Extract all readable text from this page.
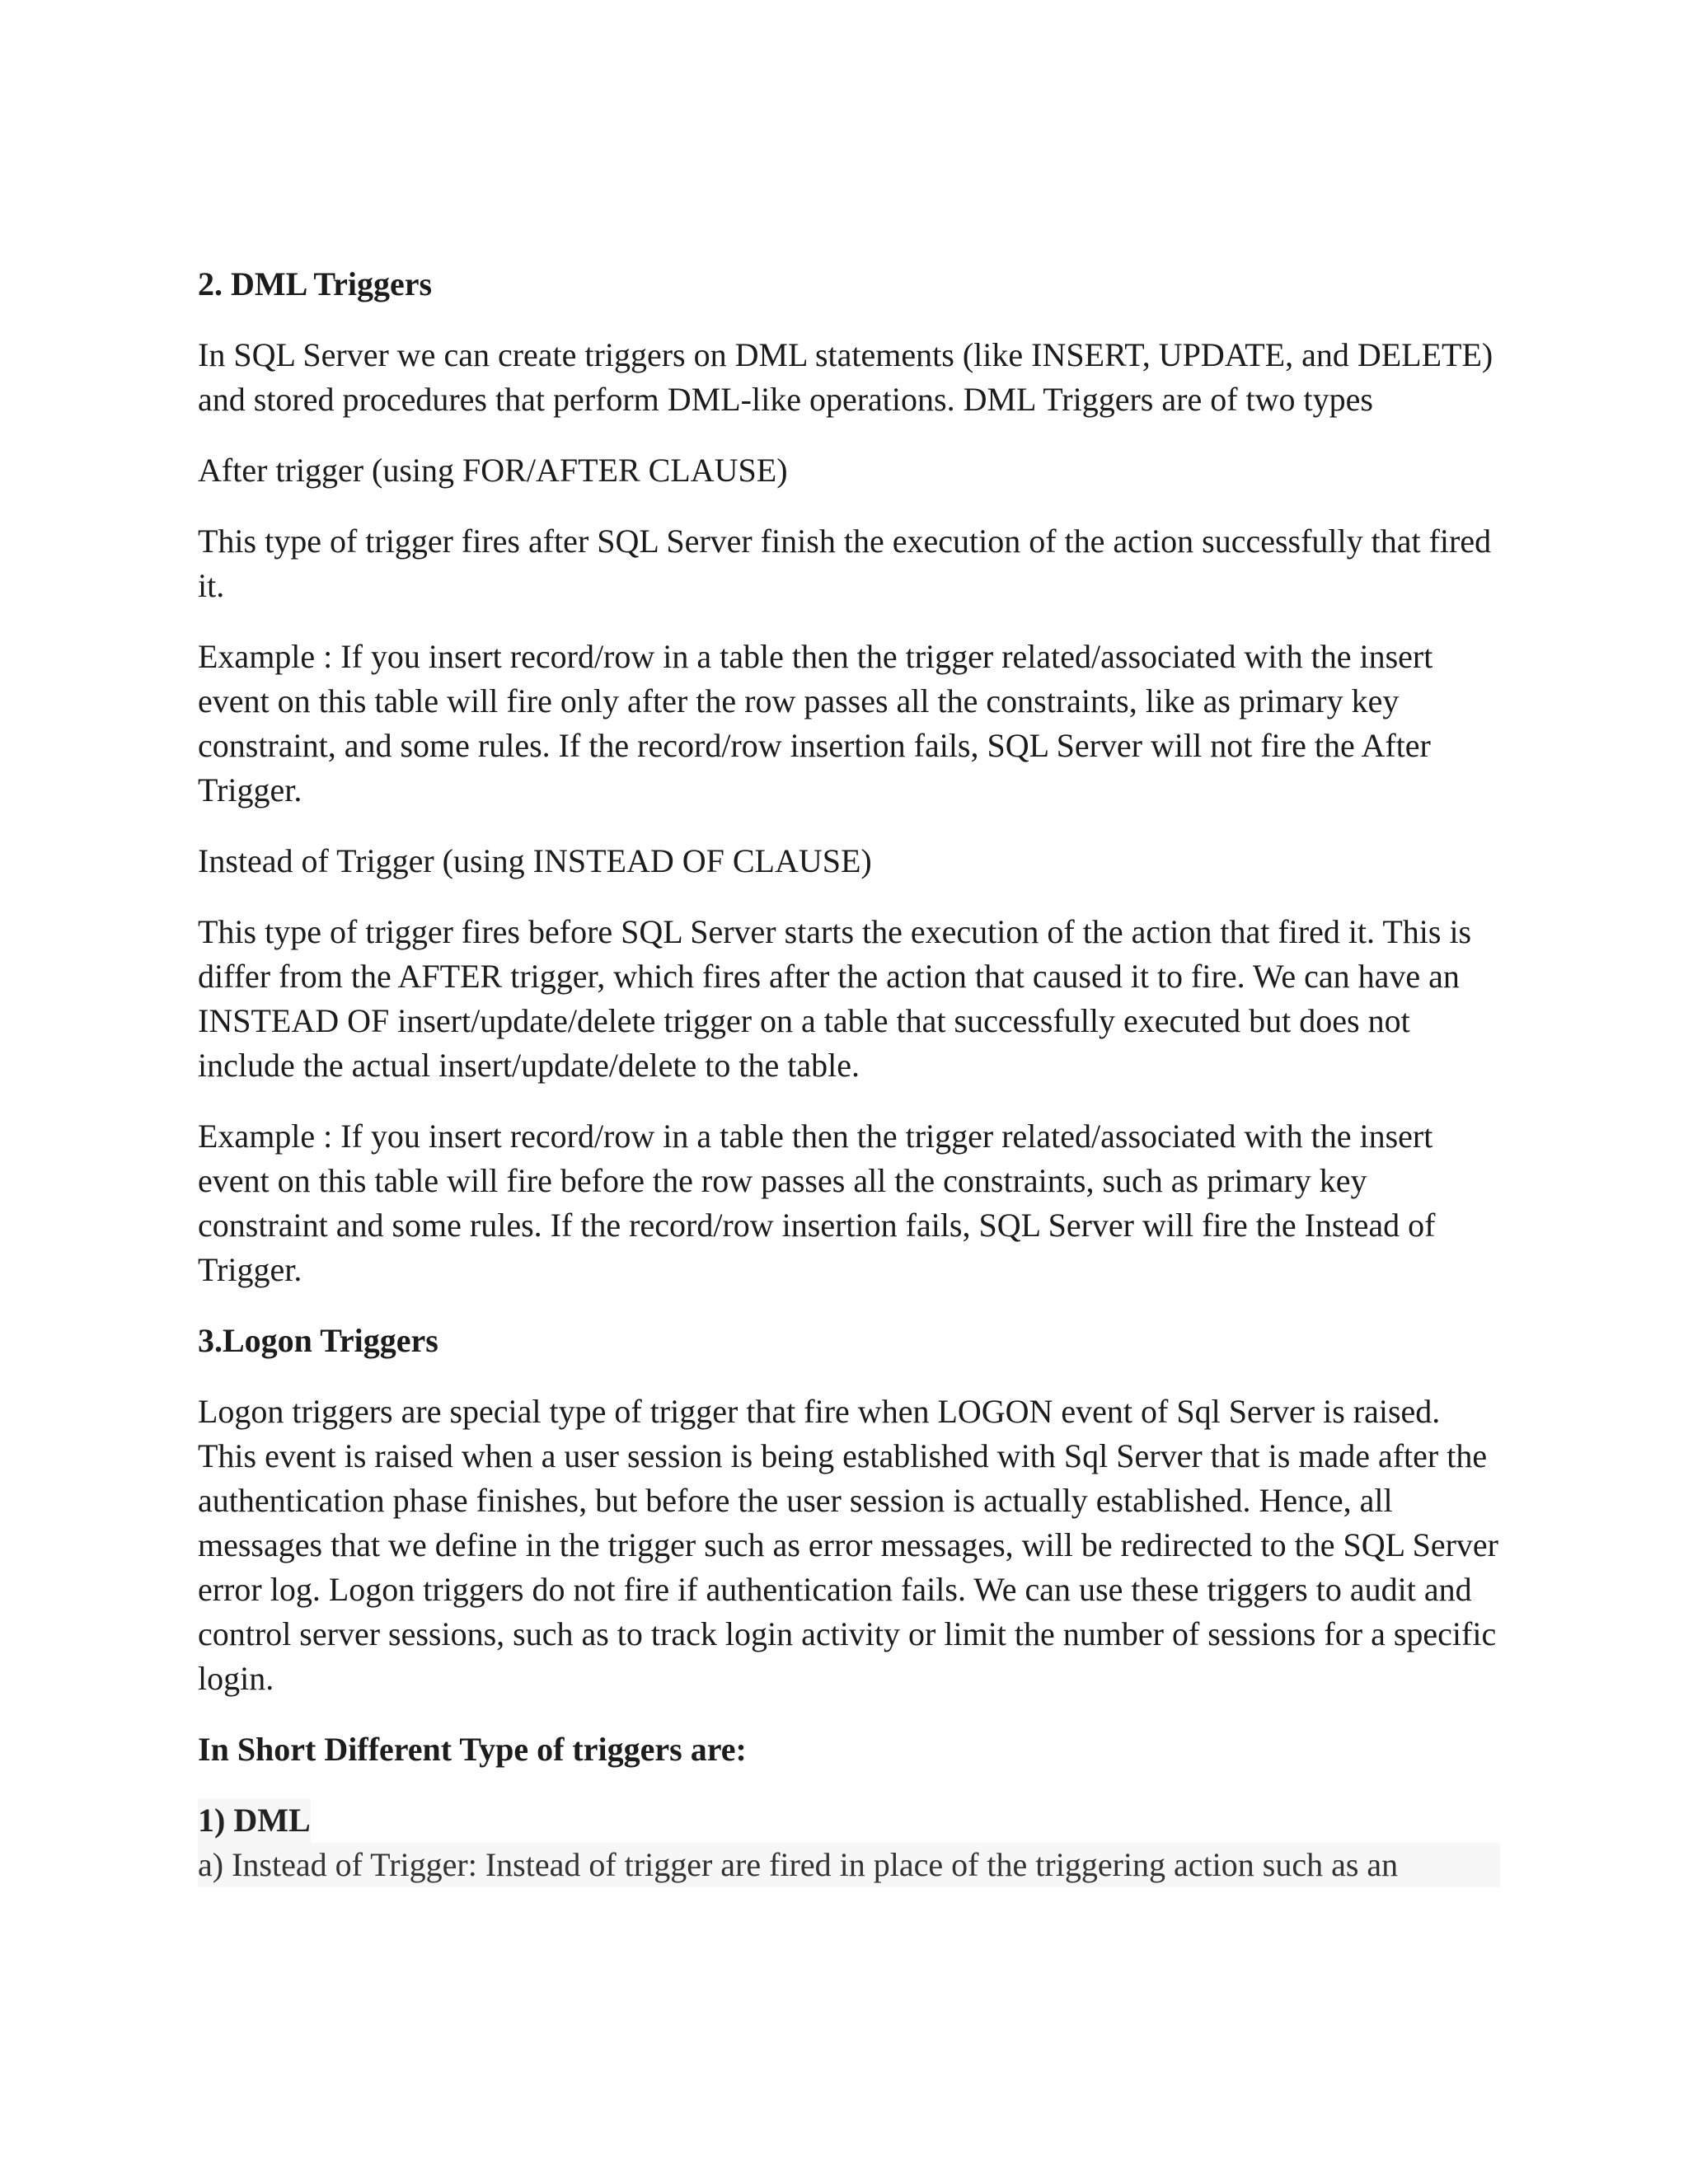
2. DML Triggers

In SQL Server we can create triggers on DML statements (like INSERT, UPDATE, and DELETE) and stored procedures that perform DML-like operations. DML Triggers are of two types

After trigger (using FOR/AFTER CLAUSE)

This type of trigger fires after SQL Server finish the execution of the action successfully that fired it.

Example : If you insert record/row in a table then the trigger related/associated with the insert event on this table will fire only after the row passes all the constraints, like as primary key constraint, and some rules. If the record/row insertion fails, SQL Server will not fire the After Trigger.

Instead of Trigger (using INSTEAD OF CLAUSE)

This type of trigger fires before SQL Server starts the execution of the action that fired it. This is differ from the AFTER trigger, which fires after the action that caused it to fire. We can have an INSTEAD OF insert/update/delete trigger on a table that successfully executed but does not include the actual insert/update/delete to the table.

Example : If you insert record/row in a table then the trigger related/associated with the insert event on this table will fire before the row passes all the constraints, such as primary key constraint and some rules. If the record/row insertion fails, SQL Server will fire the Instead of Trigger.

3.Logon Triggers

Logon triggers are special type of trigger that fire when LOGON event of Sql Server is raised. This event is raised when a user session is being established with Sql Server that is made after the authentication phase finishes, but before the user session is actually established. Hence, all messages that we define in the trigger such as error messages, will be redirected to the SQL Server error log. Logon triggers do not fire if authentication fails. We can use these triggers to audit and control server sessions, such as to track login activity or limit the number of sessions for a specific login.

In Short Different Type of triggers are:

1) DML

a) Instead of Trigger: Instead of trigger are fired in place of the triggering action such as an
